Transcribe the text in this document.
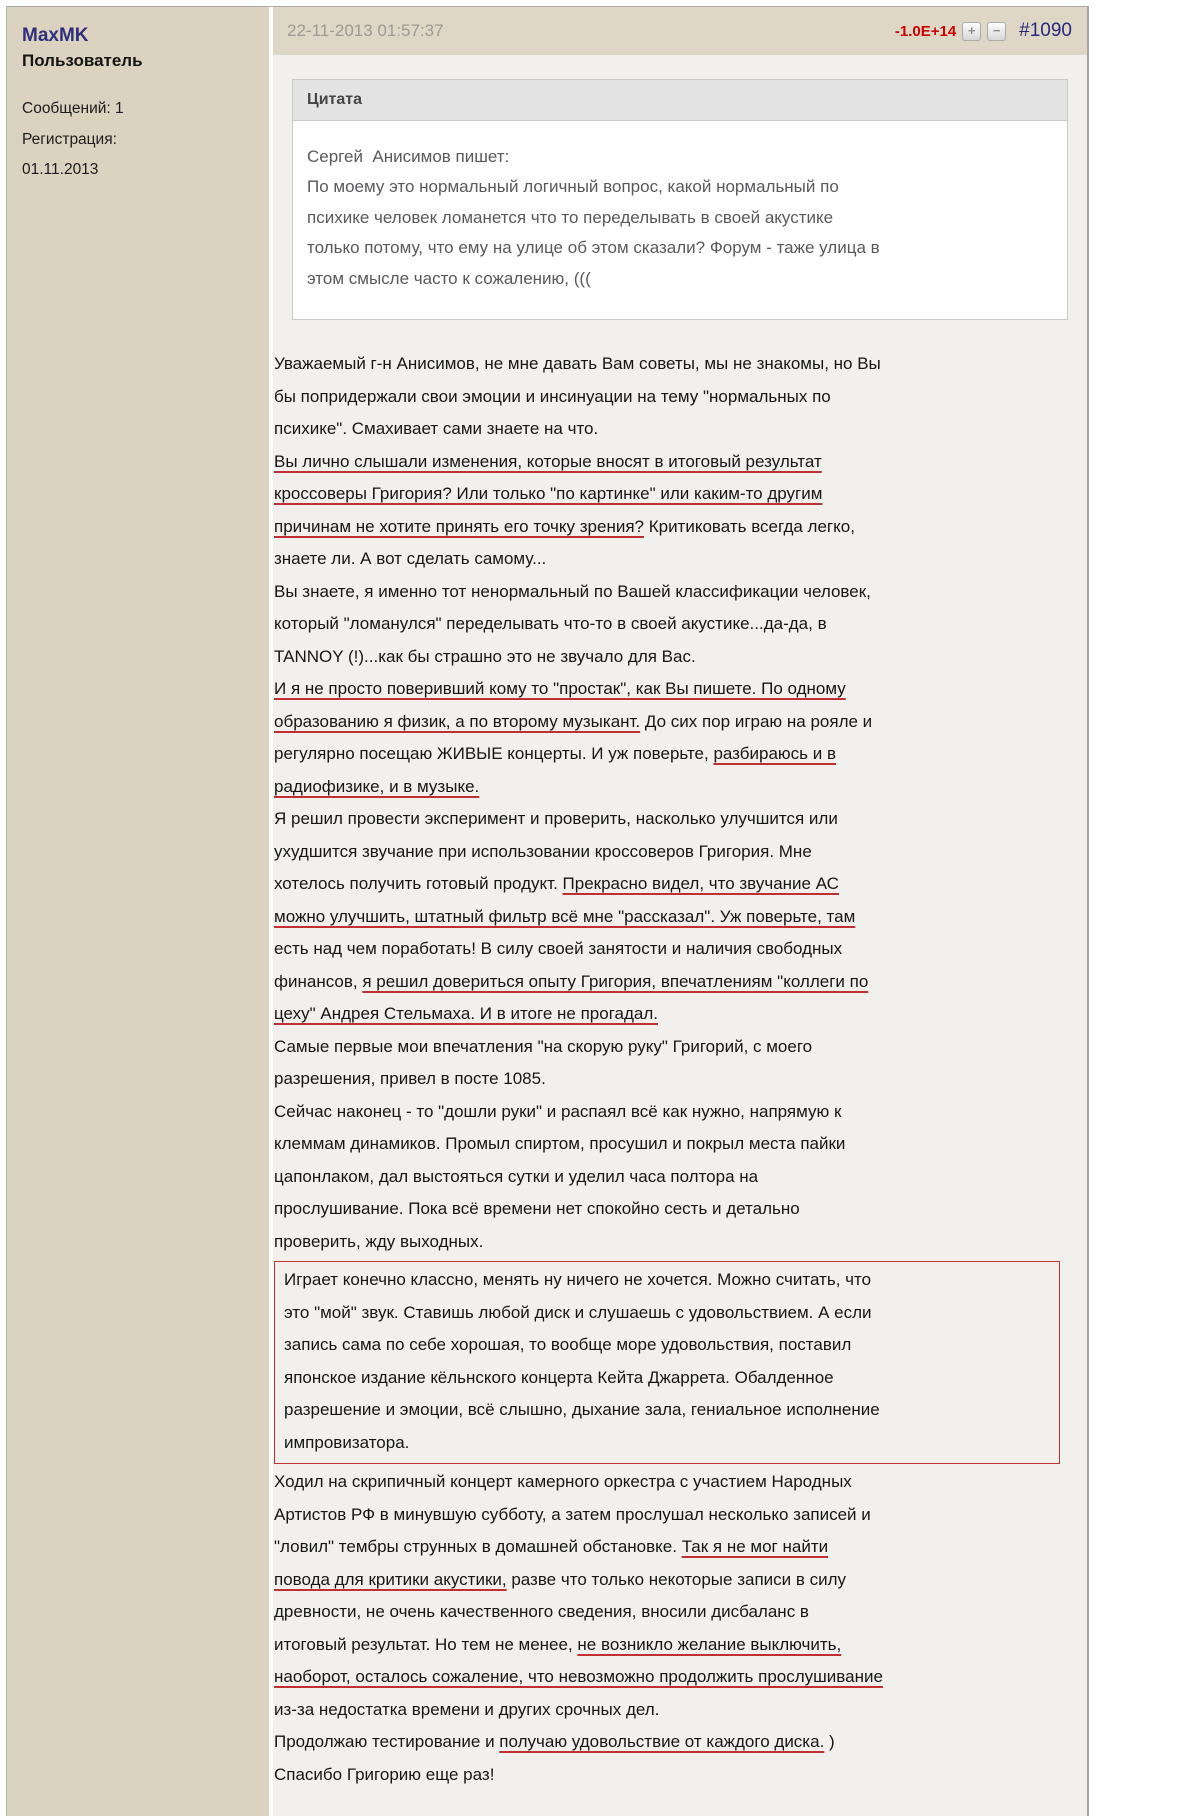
MaxMK
Пользователь
Сообщений: 1
Регистрация:
01.11.2013
22-11-2013 01:57:37	-1.0E+14 +	− #1090
Цитата
Сергей  Анисимов пишет:
По моему это нормальный логичный вопрос, какой нормальный по
психике человек ломанется что то переделывать в своей акустике
только потому, что ему на улице об этом сказали? Форум - таже улица в
этом смысле часто к сожалению, (((
Уважаемый г-н Анисимов, не мне давать Вам советы, мы не знакомы, но Вы
бы попридержали свои эмоции и инсинуации на тему "нормальных по
психике". Смахивает сами знаете на что.
Вы лично слышали изменения, которые вносят в итоговый результат
кроссоверы Григория? Или только "по картинке" или каким-то другим
причинам не хотите принять его точку зрения? Критиковать всегда легко,
знаете ли. А вот сделать самому...
Вы знаете, я именно тот ненормальный по Вашей классификации человек,
который "ломанулся" переделывать что-то в своей акустике...да-да, в
TANNOY (!)...как бы страшно это не звучало для Вас.
И я не просто поверивший кому то "простак", как Вы пишете. По одному
образованию я физик, а по второму музыкант. До сих пор играю на рояле и
регулярно посещаю ЖИВЫЕ концерты. И уж поверьте, разбираюсь и в
радиофизике, и в музыке.
Я решил провести эксперимент и проверить, насколько улучшится или
ухудшится звучание при использовании кроссоверов Григория. Мне
хотелось получить готовый продукт. Прекрасно видел, что звучание АС
можно улучшить, штатный фильтр всё мне "рассказал". Уж поверьте, там
есть над чем поработать! В силу своей занятости и наличия свободных
финансов, я решил довериться опыту Григория, впечатлениям "коллеги по
цеху" Андрея Стельмаха. И в итоге не прогадал.
Самые первые мои впечатления "на скорую руку" Григорий, с моего
разрешения, привел в посте 1085.
Сейчас наконец - то "дошли руки" и распаял всё как нужно, напрямую к
клеммам динамиков. Промыл спиртом, просушил и покрыл места пайки
цапонлаком, дал выстояться сутки и уделил часа полтора на
прослушивание. Пока всё времени нет спокойно сесть и детально
проверить, жду выходных.
Играет конечно классно, менять ну ничего не хочется. Можно считать, что
это "мой" звук. Ставишь любой диск и слушаешь с удовольствием. А если
запись сама по себе хорошая, то вообще море удовольствия, поставил
японское издание кёльнского концерта Кейта Джаррета. Обалденное
разрешение и эмоции, всё слышно, дыхание зала, гениальное исполнение
импровизатора.
Ходил на скрипичный концерт камерного оркестра с участием Народных
Артистов РФ в минувшую субботу, а затем прослушал несколько записей и
"ловил" тембры струнных в домашней обстановке. Так я не мог найти
повода для критики акустики, разве что только некоторые записи в силу
древности, не очень качественного сведения, вносили дисбаланс в
итоговый результат. Но тем не менее, не возникло желание выключить,
наоборот, осталось сожаление, что невозможно продолжить прослушивание
из-за недостатка времени и других срочных дел.
Продолжаю тестирование и получаю удовольствие от каждого диска. )
Спасибо Григорию еще раз!
